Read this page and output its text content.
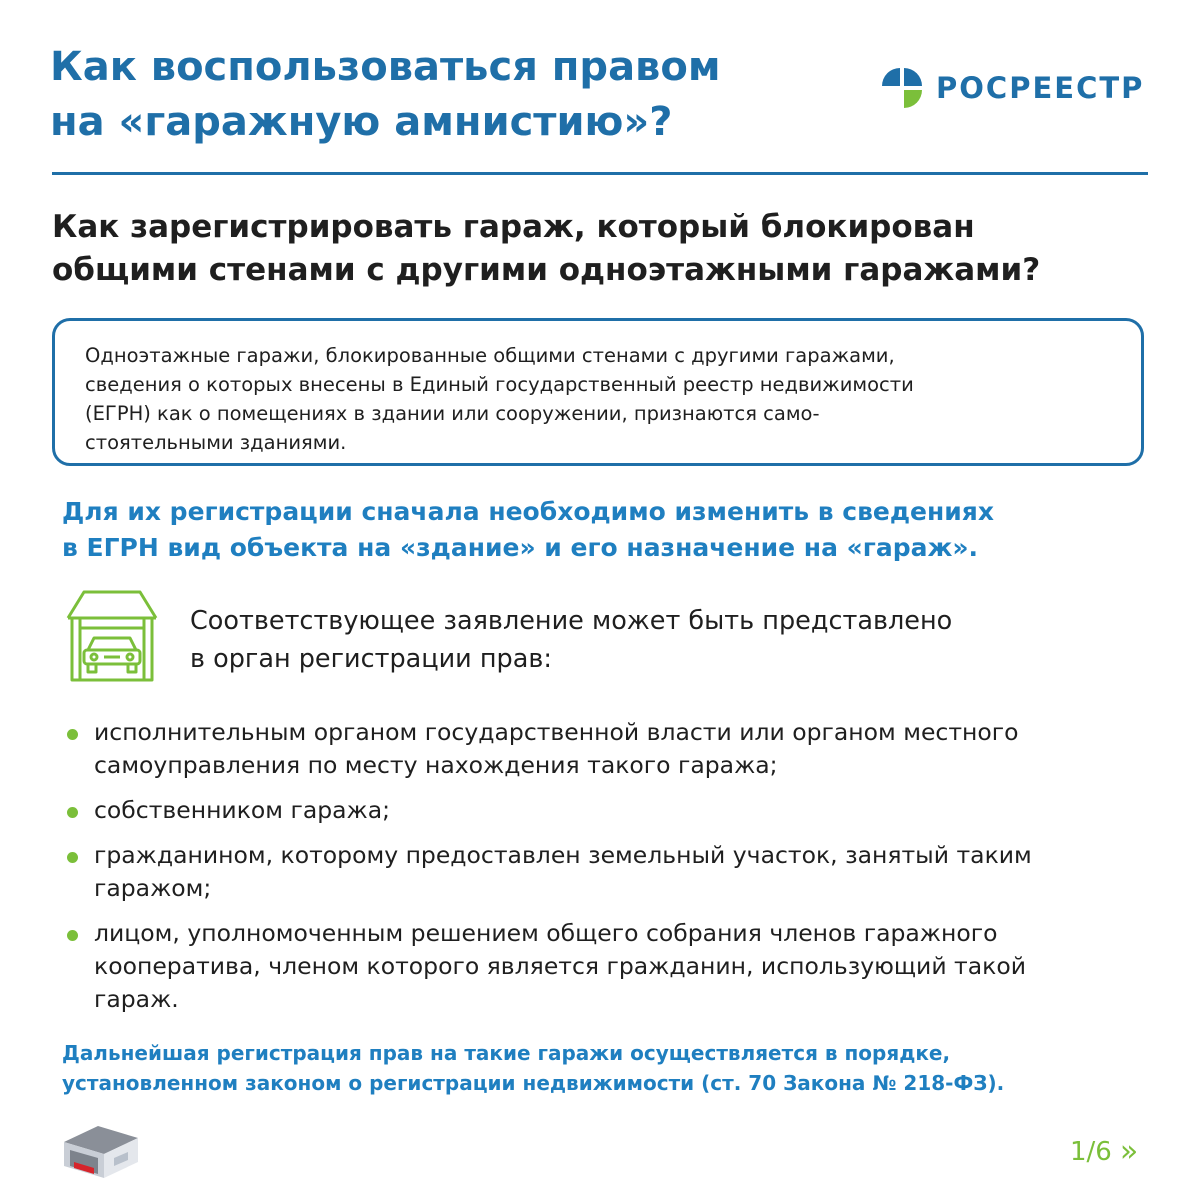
Как воспользоваться правом
на «гаражную амнистию»?
РОСРЕЕСТР
Как зарегистрировать гараж, который блокирован
общими стенами с другими одноэтажными гаражами?

Одноэтажные гаражи, блокированные общими стенами с другими гаражами,
сведения о которых внесены в Единый государственный реестр недвижимости
(ЕГРН) как о помещениях в здании или сооружении, признаются само-
стоятельными зданиями.

Для их регистрации сначала необходимо изменить в сведениях
в ЕГРН вид объекта на «здание» и его назначение на «гараж».

Соответствующее заявление может быть представлено
в орган регистрации прав:

исполнительным органом государственной власти или органом местного
самоуправления по месту нахождения такого гаража;
собственником гаража;
гражданином, которому предоставлен земельный участок, занятый таким
гаражом;
лицом, уполномоченным решением общего собрания членов гаражного
кооператива, членом которого является гражданин, использующий такой
гараж.

Дальнейшая регистрация прав на такие гаражи осуществляется в порядке,
установленном законом о регистрации недвижимости (ст. 70 Закона № 218-ФЗ).

1/6 »
